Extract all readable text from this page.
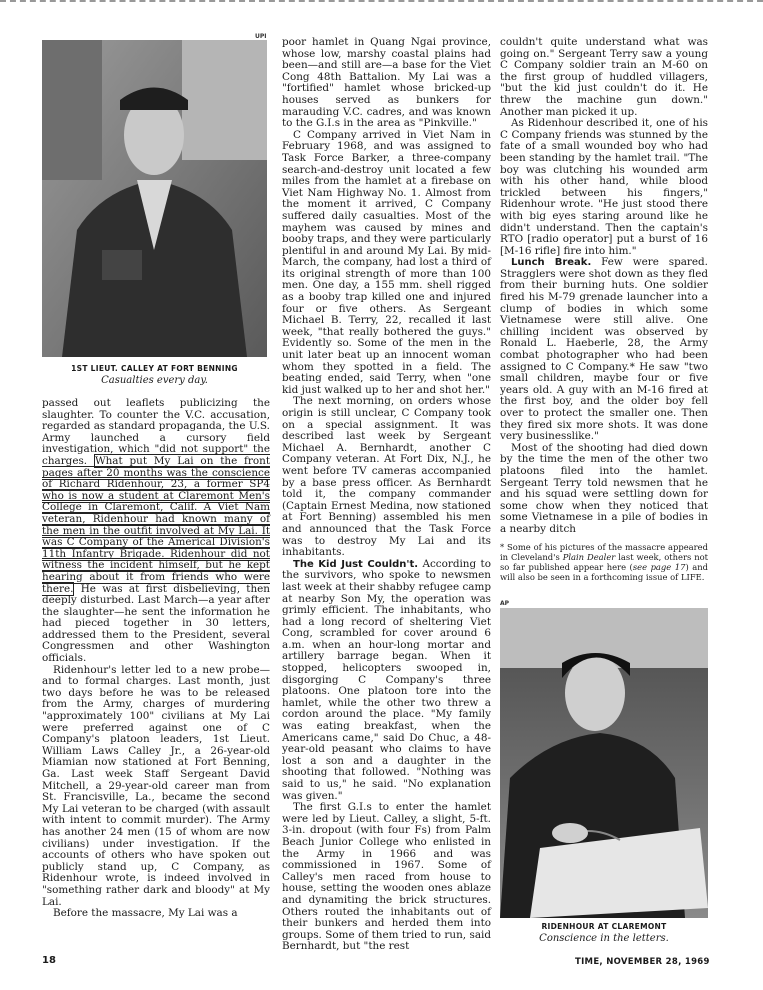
UPI
1ST LIEUT. CALLEY AT FORT BENNING
Casualties every day.

passed out leaflets publicizing the slaughter. To counter the V.C. accusation, regarded as standard propaganda, the U.S. Army launched a cursory field investigation, which "did not support" the charges. What put My Lai on the front pages after 20 months was the conscience of Richard Ridenhour, 23, a former SP4 who is now a student at Claremont Men's College in Claremont, Calif. A Viet Nam veteran, Ridenhour had known many of the men in the outfit involved at My Lai. It was C Company of the Americal Division's 11th Infantry Brigade. Ridenhour did not witness the incident himself, but he kept hearing about it from friends who were there. He was at first disbelieving, then deeply disturbed. Last March—a year after the slaughter—he sent the information he had pieced together in 30 letters, addressed them to the President, several Congressmen and other Washington officials.

Ridenhour's letter led to a new probe—and to formal charges. Last month, just two days before he was to be released from the Army, charges of murdering "approximately 100" civilians at My Lai were preferred against one of C Company's platoon leaders, 1st Lieut. William Laws Calley Jr., a 26-year-old Miamian now stationed at Fort Benning, Ga. Last week Staff Sergeant David Mitchell, a 29-year-old career man from St. Francisville, La., became the second My Lai veteran to be charged (with assault with intent to commit murder). The Army has another 24 men (15 of whom are now civilians) under investigation. If the accounts of others who have spoken out publicly stand up, C Company, as Ridenhour wrote, is indeed involved in "something rather dark and bloody" at My Lai.

Before the massacre, My Lai was a

poor hamlet in Quang Ngai province, whose low, marshy coastal plains had been—and still are—a base for the Viet Cong 48th Battalion. My Lai was a "fortified" hamlet whose bricked-up houses served as bunkers for marauding V.C. cadres, and was known to the G.I.s in the area as "Pinkville."

C Company arrived in Viet Nam in February 1968, and was assigned to Task Force Barker, a three-company search-and-destroy unit located a few miles from the hamlet at a firebase on Viet Nam Highway No. 1. Almost from the moment it arrived, C Company suffered daily casualties. Most of the mayhem was caused by mines and booby traps, and they were particularly plentiful in and around My Lai. By mid-March, the company, had lost a third of its original strength of more than 100 men. One day, a 155 mm. shell rigged as a booby trap killed one and injured four or five others. As Sergeant Michael B. Terry, 22, recalled it last week, "that really bothered the guys." Evidently so. Some of the men in the unit later beat up an innocent woman whom they spotted in a field. The beating ended, said Terry, when "one kid just walked up to her and shot her."

The next morning, on orders whose origin is still unclear, C Company took on a special assignment. It was described last week by Sergeant Michael A. Bernhardt, another C Company veteran. At Fort Dix, N.J., he went before TV cameras accompanied by a base press officer. As Bernhardt told it, the company commander (Captain Ernest Medina, now stationed at Fort Benning) assembled his men and announced that the Task Force was to destroy My Lai and its inhabitants.

The Kid Just Couldn't. According to the survivors, who spoke to newsmen last week at their shabby refugee camp at nearby Son My, the operation was grimly efficient. The inhabitants, who had a long record of sheltering Viet Cong, scrambled for cover around 6 a.m. when an hour-long mortar and artillery barrage began. When it stopped, helicopters swooped in, disgorging C Company's three platoons. One platoon tore into the hamlet, while the other two threw a cordon around the place. "My family was eating breakfast, when the Americans came," said Do Chuc, a 48-year-old peasant who claims to have lost a son and a daughter in the shooting that followed. "Nothing was said to us," he said. "No explanation was given."

The first G.I.s to enter the hamlet were led by Lieut. Calley, a slight, 5-ft. 3-in. dropout (with four Fs) from Palm Beach Junior College who enlisted in the Army in 1966 and was commissioned in 1967. Some of Calley's men raced from house to house, setting the wooden ones ablaze and dynamiting the brick structures. Others routed the inhabitants out of their bunkers and herded them into groups. Some of them tried to run, said Bernhardt, but "the rest

couldn't quite understand what was going on." Sergeant Terry saw a young C Company soldier train an M-60 on the first group of huddled villagers, "but the kid just couldn't do it. He threw the machine gun down." Another man picked it up.

As Ridenhour described it, one of his C Company friends was stunned by the fate of a small wounded boy who had been standing by the hamlet trail. "The boy was clutching his wounded arm with his other hand, while blood trickled between his fingers," Ridenhour wrote. "He just stood there with big eyes staring around like he didn't understand. Then the captain's RTO [radio operator] put a burst of 16 [M-16 rifle] fire into him."

Lunch Break. Few were spared. Stragglers were shot down as they fled from their burning huts. One soldier fired his M-79 grenade launcher into a clump of bodies in which some Vietnamese were still alive. One chilling incident was observed by Ronald L. Haeberle, 28, the Army combat photographer who had been assigned to C Company.* He saw "two small children, maybe four or five years old. A guy with an M-16 fired at the first boy, and the older boy fell over to protect the smaller one. Then they fired six more shots. It was done very businesslike."

Most of the shooting had died down by the time the men of the other two platoons filed into the hamlet. Sergeant Terry told newsmen that he and his squad were settling down for some chow when they noticed that some Vietnamese in a pile of bodies in a nearby ditch

* Some of his pictures of the massacre appeared in Cleveland's Plain Dealer last week, others not so far published appear here (see page 17) and will also be seen in a forthcoming issue of LIFE.

AP
RIDENHOUR AT CLAREMONT
Conscience in the letters.
18	TIME, NOVEMBER 28, 1969
